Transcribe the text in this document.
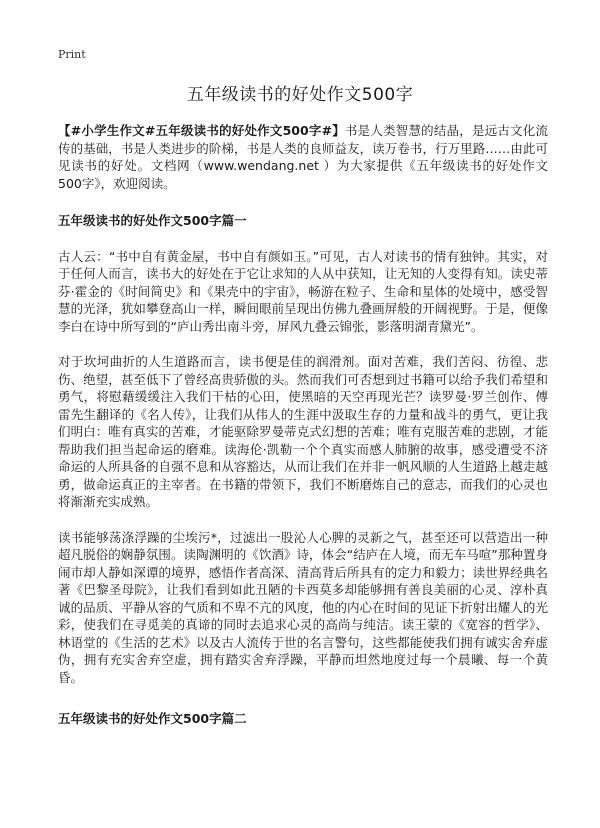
Print
五年级读书的好处作文500字

【#小学生作文#五年级读书的好处作文500字#】书是人类智慧的结晶，是远古文化流传的基础，书是人类进步的阶梯，书是人类的良师益友，读万卷书，行万里路……由此可见读书的好处。文档网（www.wendang.net ）为大家提供《五年级读书的好处作文500字》，欢迎阅读。

五年级读书的好处作文500字篇一

古人云：“书中自有黄金屋，书中自有颜如玉。”可见，古人对读书的情有独钟。其实，对于任何人而言，读书大的好处在于它让求知的人从中获知，让无知的人变得有知。读史蒂芬·霍金的《时间简史》和《果壳中的宇宙》，畅游在粒子、生命和星体的处境中，感受智慧的光泽，犹如攀登高山一样，瞬间眼前呈现出仿佛九叠画屏般的开阔视野。于是，便像李白在诗中所写到的“庐山秀出南斗旁，屏风九叠云锦张，影落明湖青黛光”。

对于坎坷曲折的人生道路而言，读书便是佳的润滑剂。面对苦难，我们苦闷、彷徨、悲伤、绝望，甚至低下了曾经高贵骄傲的头。然而我们可否想到过书籍可以给予我们希望和勇气，将慰藉缓缓注入我们干枯的心田，使黑暗的天空再现光芒？读罗曼·罗兰创作、傅雷先生翻译的《名人传》，让我们从伟人的生涯中汲取生存的力量和战斗的勇气，更让我们明白：唯有真实的苦难，才能驱除罗曼蒂克式幻想的苦难；唯有克服苦难的悲剧，才能帮助我们担当起命运的磨难。读海伦·凯勒一个个真实而感人肺腑的故事，感受遭受不济命运的人所具备的自强不息和从容豁达，从而让我们在并非一帆风顺的人生道路上越走越勇，做命运真正的主宰者。在书籍的带领下，我们不断磨炼自己的意志，而我们的心灵也将渐渐充实成熟。

读书能够荡涤浮躁的尘埃污*，过滤出一股沁人心脾的灵新之气，甚至还可以营造出一种超凡脱俗的娴静氛围。读陶渊明的《饮酒》诗，体会“结庐在人境，而无车马喧”那种置身闹市却人静如深谭的境界，感悟作者高深、清高背后所具有的定力和毅力；读世界经典名著《巴黎圣母院》，让我们看到如此丑陋的卡西莫多却能够拥有善良美丽的心灵、淳朴真诚的品质、平静从容的气质和不卑不亢的风度，他的内心在时间的见证下折射出耀人的光彩，使我们在寻觅美的真谛的同时去追求心灵的高尚与纯洁。读王蒙的《宽容的哲学》、林语堂的《生活的艺术》以及古人流传于世的名言警句，这些都能使我们拥有诚实舍弃虚伪，拥有充实舍弃空虚，拥有踏实舍弃浮躁，平静而坦然地度过每一个晨曦、每一个黄昏。

五年级读书的好处作文500字篇二
